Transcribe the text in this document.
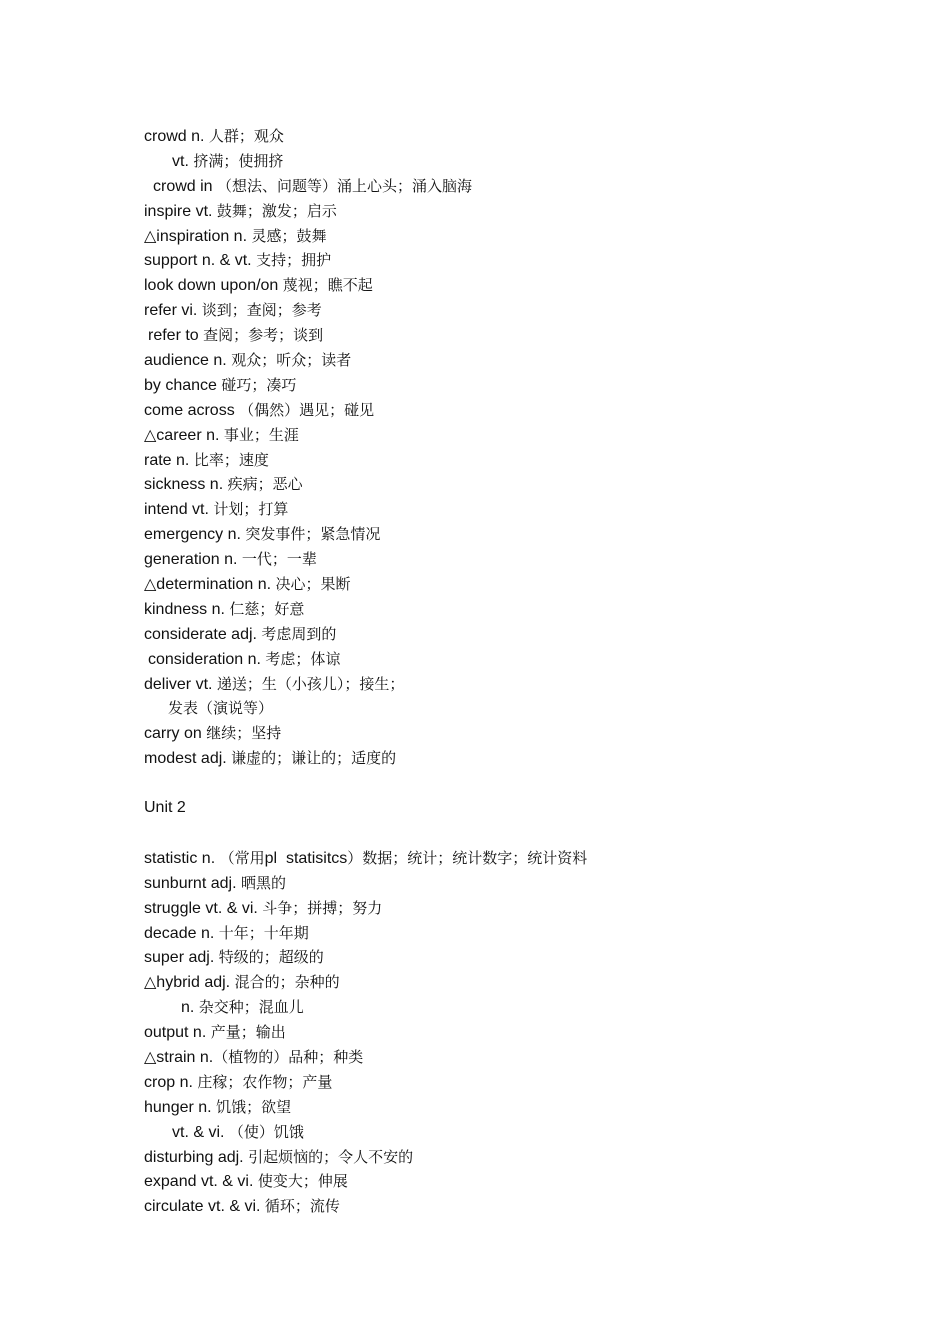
crowd n. 人群；观众
vt. 挤满；使拥挤
crowd in （想法、问题等）涌上心头；涌入脑海
inspire vt. 鼓舞；激发；启示
△inspiration n. 灵感；鼓舞
support n. & vt. 支持；拥护
look down upon/on 蔑视；瞧不起
refer vi. 谈到；查阅；参考
refer to 查阅；参考；谈到
audience n. 观众；听众；读者
by chance 碰巧；凑巧
come across （偶然）遇见；碰见
△career n. 事业；生涯
rate n. 比率；速度
sickness n. 疾病；恶心
intend vt. 计划；打算
emergency n. 突发事件；紧急情况
generation n. 一代；一辈
△determination n. 决心；果断
kindness n. 仁慈；好意
considerate adj. 考虑周到的
consideration n. 考虑；体谅
deliver vt. 递送；生（小孩儿）；接生；
发表（演说等）
carry on 继续；坚持
modest adj. 谦虚的；谦让的；适度的
Unit 2
statistic n. （常用pl  statisitcs）数据；统计；统计数字；统计资料
sunburnt adj. 晒黑的
struggle vt. & vi. 斗争；拼搏；努力
decade n. 十年；十年期
super adj. 特级的；超级的
△hybrid adj. 混合的；杂种的
n. 杂交种；混血儿
output n. 产量；输出
△strain n.（植物的）品种；种类
crop n. 庄稼；农作物；产量
hunger n. 饥饿；欲望
vt. & vi. （使）饥饿
disturbing adj. 引起烦恼的；令人不安的
expand vt. & vi. 使变大；伸展
circulate vt. & vi. 循环；流传
